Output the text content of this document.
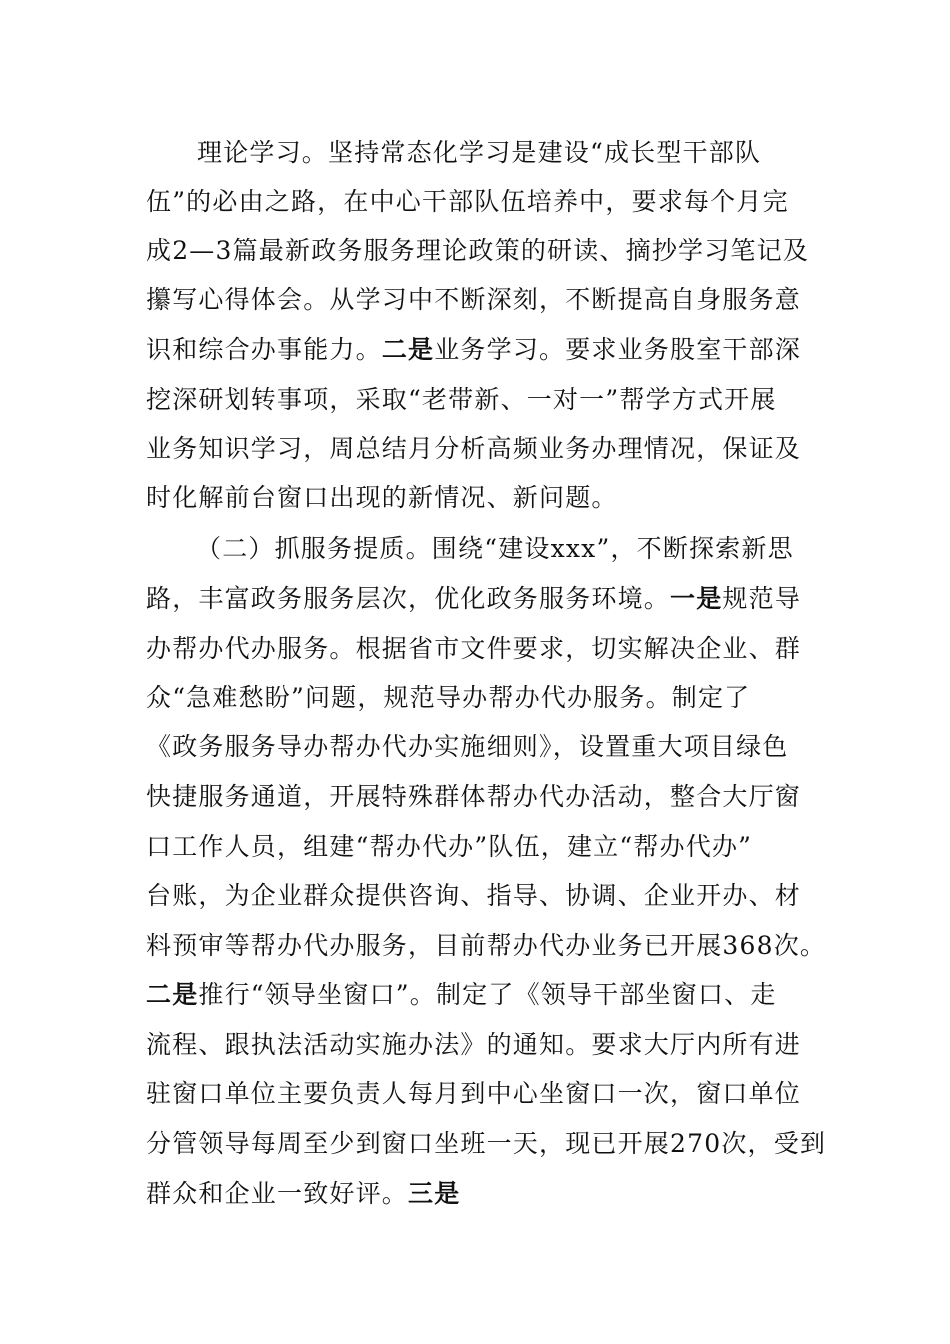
理论学习。坚持常态化学习是建设“成长型干部队
伍”的必由之路，在中心干部队伍培养中，要求每个月完
成2—3篇最新政务服务理论政策的研读、摘抄学习笔记及
攥写心得体会。从学习中不断深刻，不断提高自身服务意
识和综合办事能力。二是业务学习。要求业务股室干部深
挖深研划转事项，采取“老带新、一对一”帮学方式开展
业务知识学习，周总结月分析高频业务办理情况，保证及
时化解前台窗口出现的新情况、新问题。
（二）抓服务提质。围绕“建设xxx”，不断探索新思
路，丰富政务服务层次，优化政务服务环境。一是规范导
办帮办代办服务。根据省市文件要求，切实解决企业、群
众“急难愁盼”问题，规范导办帮办代办服务。制定了
《政务服务导办帮办代办实施细则》，设置重大项目绿色
快捷服务通道，开展特殊群体帮办代办活动，整合大厅窗
口工作人员，组建“帮办代办”队伍，建立“帮办代办”
台账，为企业群众提供咨询、指导、协调、企业开办、材
料预审等帮办代办服务，目前帮办代办业务已开展368次。
二是推行“领导坐窗口”。制定了《领导干部坐窗口、走
流程、跟执法活动实施办法》的通知。要求大厅内所有进
驻窗口单位主要负责人每月到中心坐窗口一次，窗口单位
分管领导每周至少到窗口坐班一天，现已开展270次，受到
群众和企业一致好评。三是
